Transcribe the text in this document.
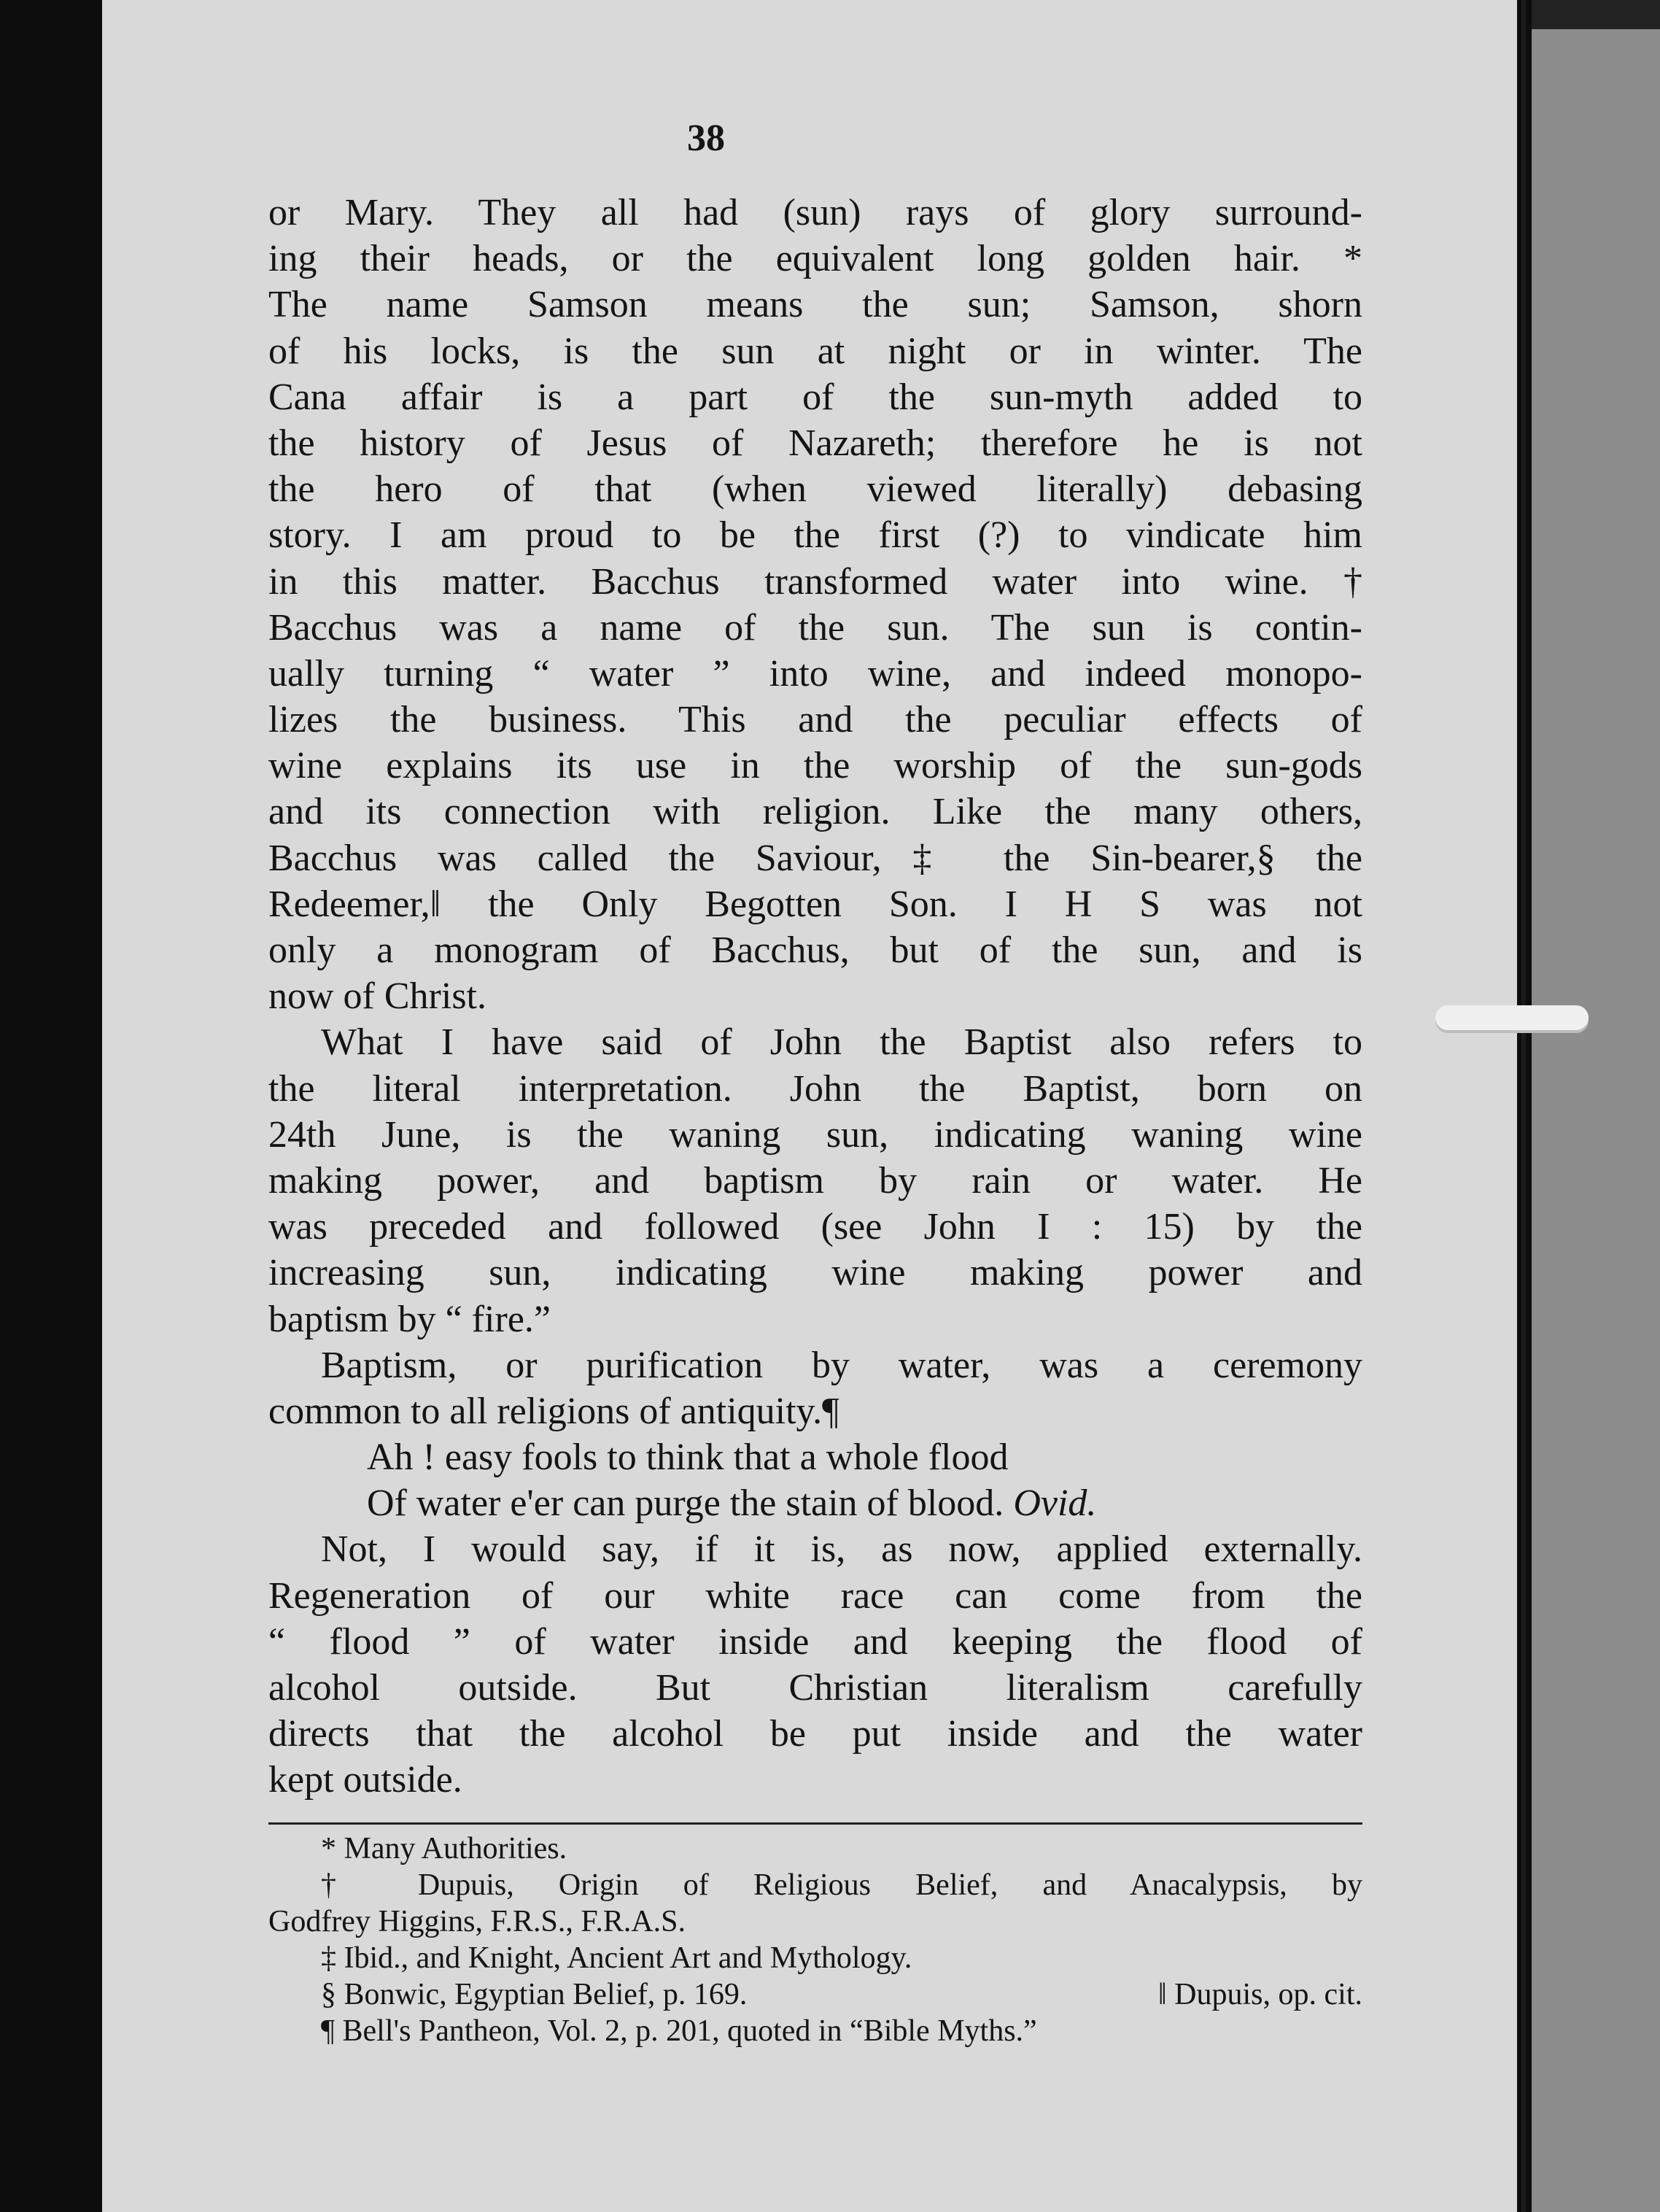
38
or Mary. They all had (sun) rays of glory surround-
ing their heads, or the equivalent long golden hair. *
The name Samson means the sun; Samson, shorn
of his locks, is the sun at night or in winter. The
Cana affair is a part of the sun-myth added to
the history of Jesus of Nazareth; therefore he is not
the hero of that (when viewed literally) debasing
story. I am proud to be the first (?) to vindicate him
in this matter. Bacchus transformed water into wine.†
Bacchus was a name of the sun. The sun is contin-
ually turning “ water ” into wine, and indeed monopo-
lizes the business. This and the peculiar effects of
wine explains its use in the worship of the sun-gods
and its connection with religion. Like the many others,
Bacchus was called the Saviour,‡ the Sin-bearer,§ the
Redeemer,‖ the Only Begotten Son. I H S was not
only a monogram of Bacchus, but of the sun, and is
now of Christ.
What I have said of John the Baptist also refers to
the literal interpretation. John the Baptist, born on
24th June, is the waning sun, indicating waning wine
making power, and baptism by rain or water. He
was preceded and followed (see John I : 15) by the
increasing sun, indicating wine making power and
baptism by “ fire.”
Baptism, or purification by water, was a ceremony
common to all religions of antiquity.¶
Ah ! easy fools to think that a whole flood
Of water e'er can purge the stain of blood. Ovid.
Not, I would say, if it is, as now, applied externally.
Regeneration of our white race can come from the
“ flood ” of water inside and keeping the flood of
alcohol outside. But Christian literalism carefully
directs that the alcohol be put inside and the water
kept outside.
* Many Authorities.
† Dupuis, Origin of Religious Belief, and Anacalypsis, by
Godfrey Higgins, F.R.S., F.R.A.S.
‡ Ibid., and Knight, Ancient Art and Mythology.
§ Bonwic, Egyptian Belief, p. 169.	‖ Dupuis, op. cit.
¶ Bell's Pantheon, Vol. 2, p. 201, quoted in “Bible Myths.”
